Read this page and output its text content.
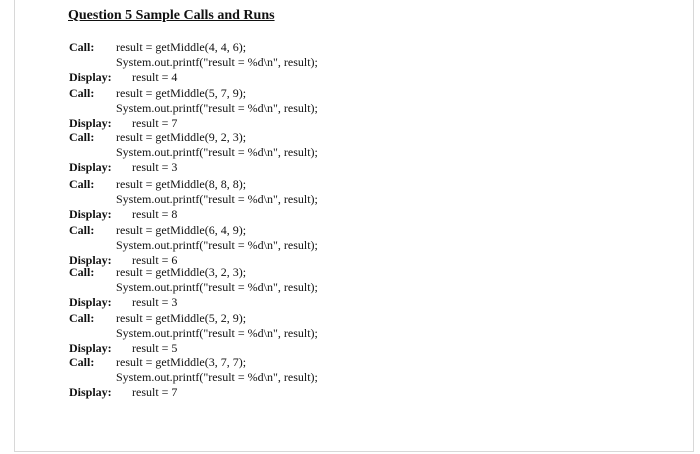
Question 5 Sample Calls and Runs
Call: result = getMiddle(4, 4, 6);
System.out.printf("result = %d\n", result);
Display: result = 4
Call: result = getMiddle(5, 7, 9);
System.out.printf("result = %d\n", result);
Display: result = 7
Call: result = getMiddle(9, 2, 3);
System.out.printf("result = %d\n", result);
Display: result = 3
Call: result = getMiddle(8, 8, 8);
System.out.printf("result = %d\n", result);
Display: result = 8
Call: result = getMiddle(6, 4, 9);
System.out.printf("result = %d\n", result);
Display: result = 6
Call: result = getMiddle(3, 2, 3);
System.out.printf("result = %d\n", result);
Display: result = 3
Call: result = getMiddle(5, 2, 9);
System.out.printf("result = %d\n", result);
Display: result = 5
Call: result = getMiddle(3, 7, 7);
System.out.printf("result = %d\n", result);
Display: result = 7
